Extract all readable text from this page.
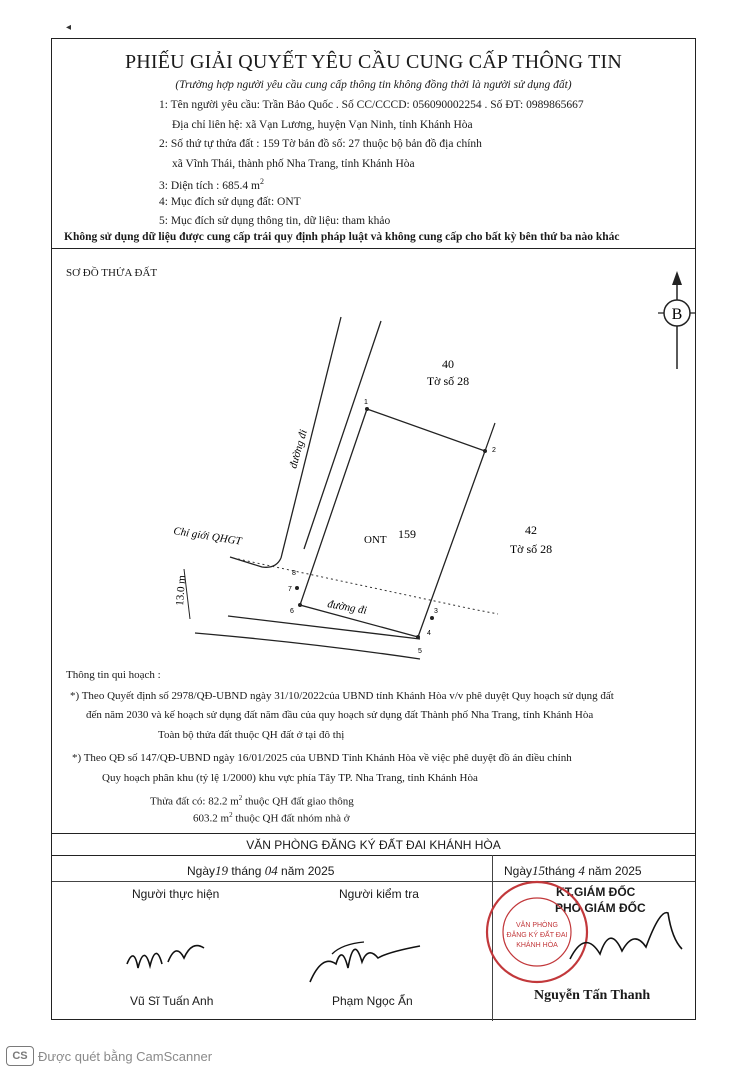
◂
PHIẾU GIẢI QUYẾT YÊU CẦU CUNG CẤP THÔNG TIN
(Trường hợp người yêu cầu cung cấp thông tin không đồng thời là người sử dụng đất)
1: Tên người yêu cầu: Trần Bảo Quốc . Số CC/CCCD: 056090002254 . Số ĐT: 0989865667
Địa chỉ liên hệ: xã Vạn Lương, huyện Vạn Ninh, tỉnh Khánh Hòa
2: Số thứ tự thửa đất : 159 Tờ bản đồ số: 27 thuộc bộ bản đồ địa chính
xã Vĩnh Thái, thành phố Nha Trang, tỉnh Khánh Hòa
3: Diện tích : 685.4 $m^2$
4: Mục đích sử dụng đất: ONT
5: Mục đích sử dụng thông tin, dữ liệu: tham khảo
Không sử dụng dữ liệu được cung cấp trái quy định pháp luật và không cung cấp cho bất kỳ bên thứ ba nào khác
SƠ ĐỒ THỬA ĐẤT
B
1
2
3
4
5
6
7
8
40
Tờ số 28
42
Tờ số 28
ONT 159
đường đi
đường đi
Chỉ giới QHGT
13.0 m
Thông tin qui hoạch :
*) Theo Quyết định số 2978/QĐ-UBND ngày 31/10/2022của UBND tỉnh Khánh Hòa v/v phê duyệt Quy hoạch sử dụng đất
đến năm 2030 và kế hoạch sử dụng đất năm đầu của quy hoạch sử dụng đất Thành phố Nha Trang, tỉnh Khánh Hòa
Toàn bộ thửa đất thuộc QH đất ở tại đô thị
*) Theo QĐ số 147/QĐ-UBND ngày 16/01/2025 của UBND Tỉnh Khánh Hòa về việc phê duyệt đồ án điều chỉnh
Quy hoạch phân khu (tỷ lệ 1/2000) khu vực phía Tây TP. Nha Trang, tỉnh Khánh Hòa
Thửa đất có: 82.2 $m^2$ thuộc QH đất giao thông
603.2 $m^2$ thuộc QH đất nhóm nhà ở
VĂN PHÒNG ĐĂNG KÝ ĐẤT ĐAI KHÁNH HÒA
Ngày19 tháng 04 năm 2025	Ngày15tháng 4 năm 2025
Người thực hiện	Người kiểm tra	KT.GIÁM ĐỐC
PHÓ GIÁM ĐỐC
VĂN PHÒNG
ĐĂNG KÝ ĐẤT ĐAI
KHÁNH HÒA
Vũ Sĩ Tuấn Anh	Phạm Ngọc Ẩn	Nguyễn Tấn Thanh
CS Được quét bằng CamScanner
